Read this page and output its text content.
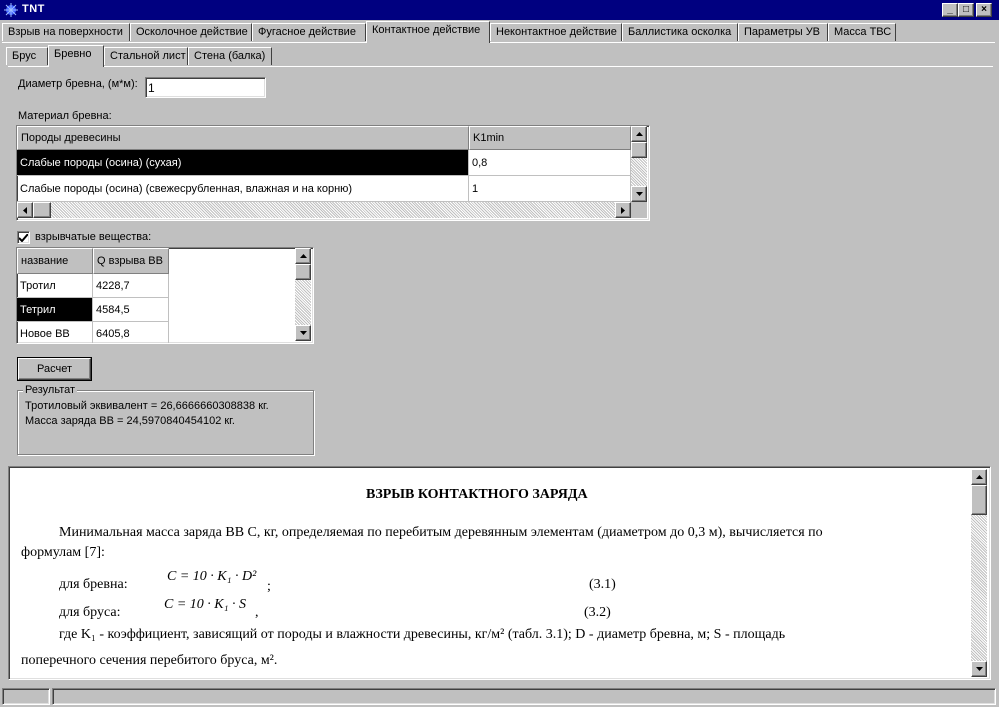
TNT	_	□	×
Взрыв на поверхности	Осколочное действие Фугасное действие	Контактное действие	Неконтактное действие	Баллистика осколка	Параметры УВ	Масса ТВС
Брус	Бревно	Стальной лист Стена (балка)
Диаметр бревна, (м*м): 1
Материал бревна:
Породы древесины	K1min
Слабые породы (осина) (сухая)	0,8
Слабые породы (осина) (свежесрубленная, влажная и на корню)	1
взрывчатые вещества:
название	Q взрыва ВВ
Тротил	4228,7
Тетрил	4584,5
Новое ВВ	6405,8
Расчет
Результат
Тротиловый эквивалент = 26,6666660308838 кг.
Масса заряда ВВ = 24,5970840454102 кг.

ВЗРЫВ КОНТАКТНОГО ЗАРЯДА

Минимальная масса заряда ВВ С, кг, определяемая по перебитым деревянным элементам (диаметром до 0,3 м), вычисляется по

формулам [7]:

для бревна:

C = 10 · K₁ · D²

;	(3.1)

для бруса:

C = 10 · K₁ · S

,	(3.2)

где K₁ - коэффициент, зависящий от породы и влажности древесины, кг/м² (табл. 3.1); D - диаметр бревна, м; S - площадь

поперечного сечения перебитого бруса, м².
